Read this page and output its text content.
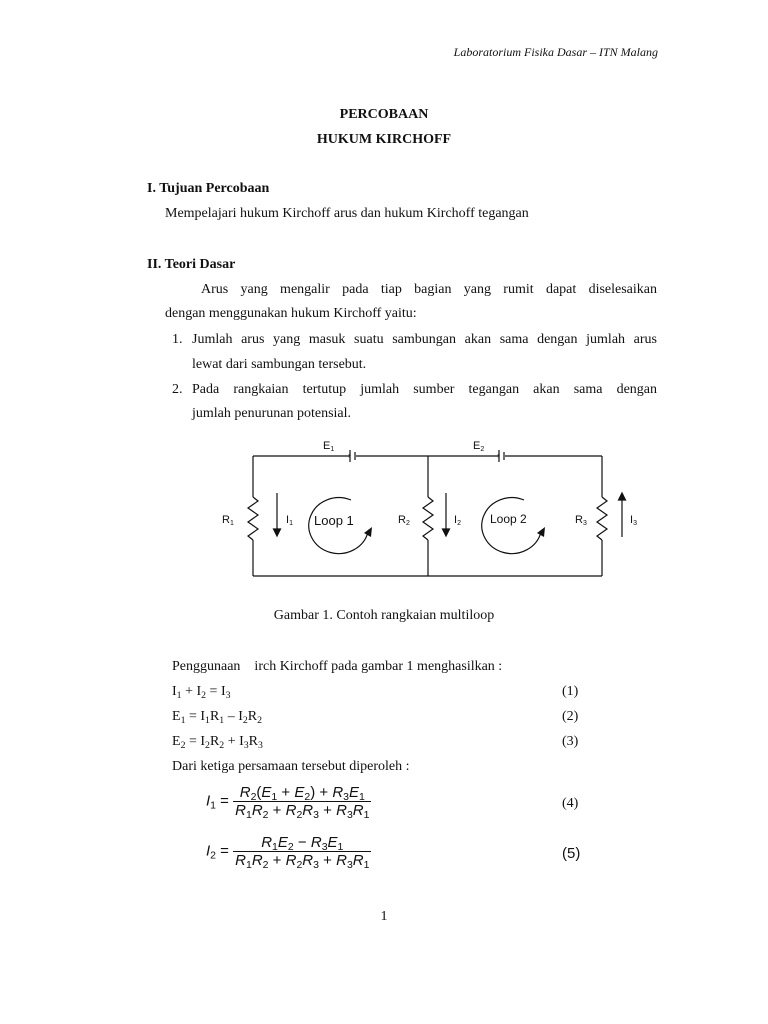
Laboratorium Fisika Dasar – ITN Malang
PERCOBAAN
HUKUM KIRCHOFF
I. Tujuan Percobaan
Mempelajari hukum Kirchoff arus dan hukum Kirchoff tegangan
II. Teori Dasar
Arus yang mengalir pada tiap bagian yang rumit dapat diselesaikan
dengan menggunakan hukum Kirchoff yaitu:
1. Jumlah arus yang masuk suatu sambungan akan sama dengan jumlah arus
lewat dari sambungan tersebut.
2. Pada rangkaian tertutup jumlah sumber tegangan akan sama dengan
jumlah penurunan potensial.
+ -	+ -
E1	E2
R1	R2	R3
I1	I2	I3
Loop 1	Loop 2
Gambar 1. Contoh rangkaian multiloop
Penggunaan    irch Kirchoff pada gambar 1 menghasilkan :
$I_1 + I_2 = I_3$	(1)
$E_1 = I_1R_1 - I_2R_2$	(2)
$E_2 = I_2R_2 + I_3R_3$	(3)
Dari ketiga persamaan tersebut diperoleh :
$I_1 = \frac{R_2(E_1 + E_2) + R_3E_1}{R_1R_2 + R_2R_3 + R_3R_1}$	(4)
$I_2 = \frac{R_1E_2 - R_3E_1}{R_1R_2 + R_2R_3 + R_3R_1}$	(5)
1
